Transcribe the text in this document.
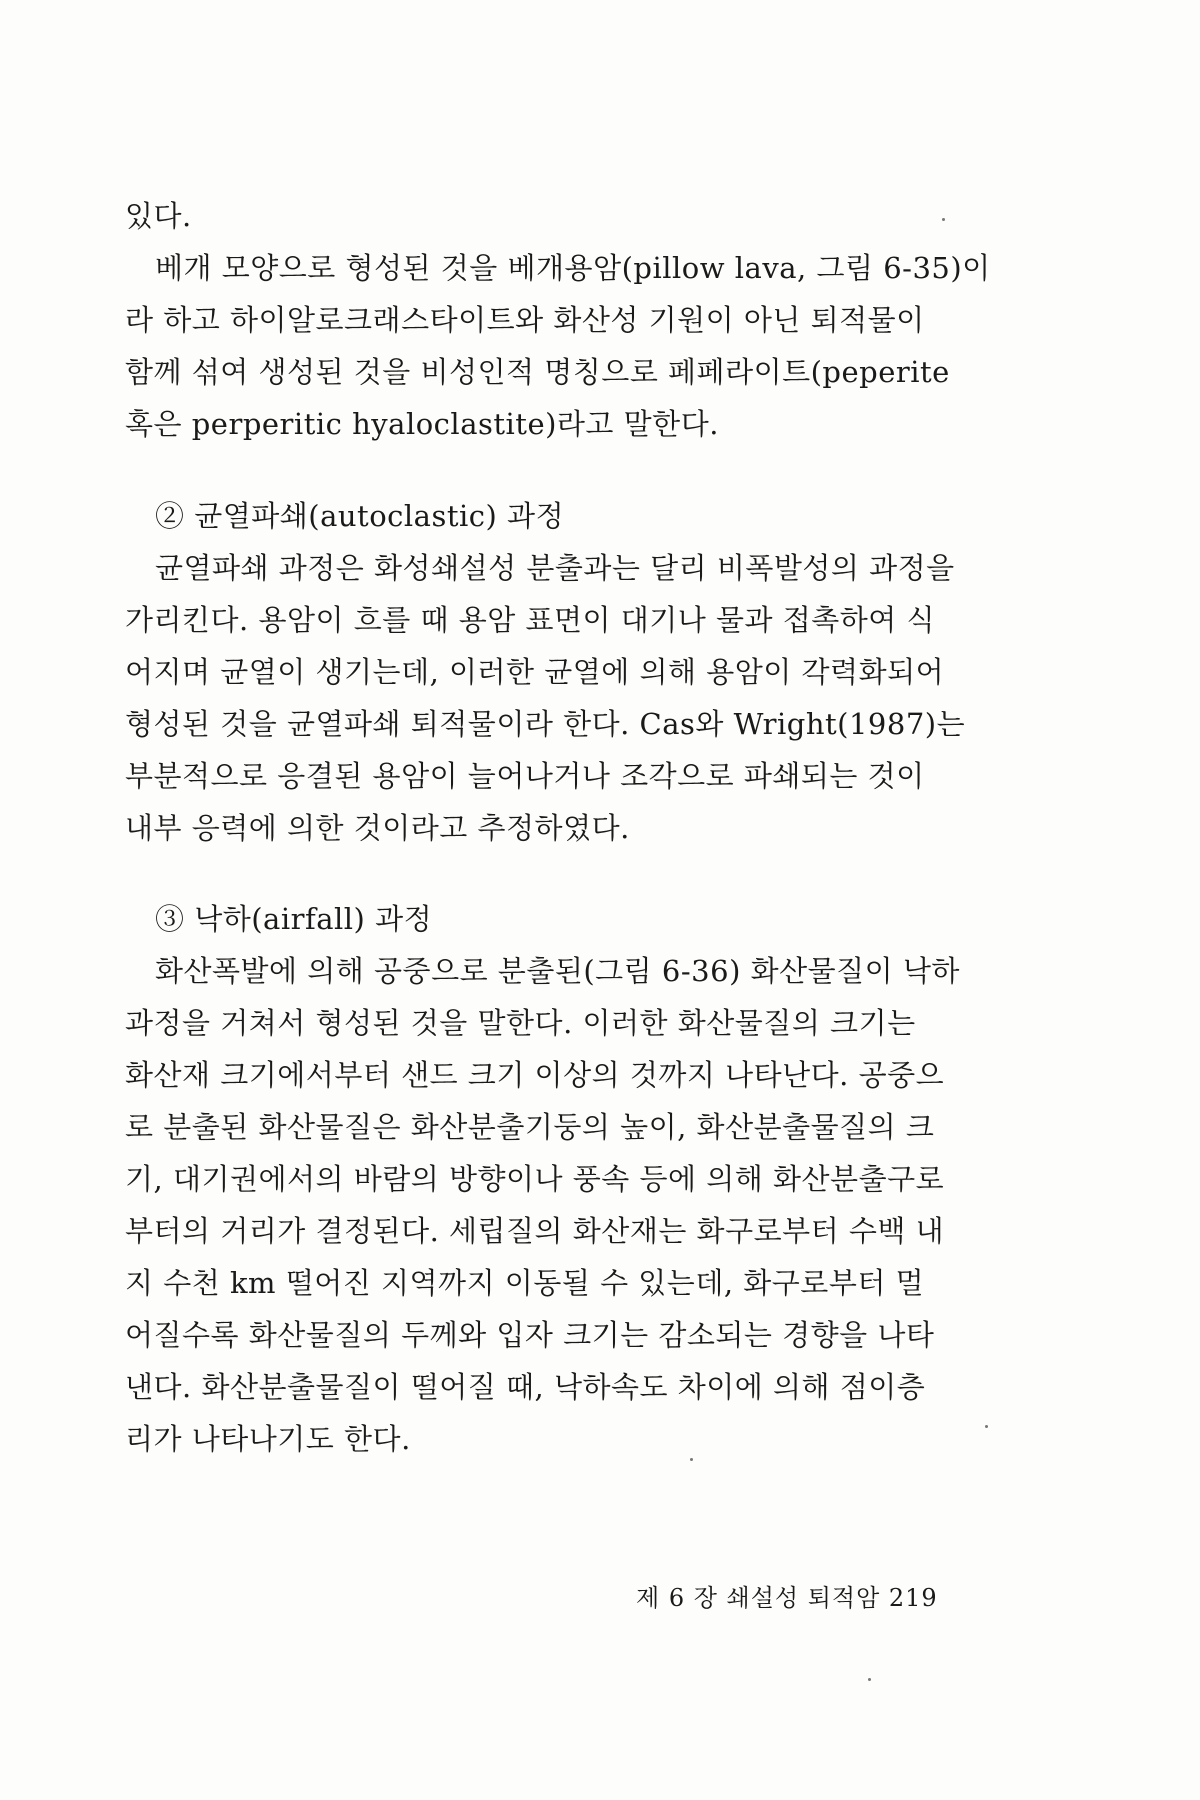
있다.
베개 모양으로 형성된 것을 베개용암(pillow lava, 그림 6-35)이
라 하고 하이알로크래스타이트와 화산성 기원이 아닌 퇴적물이
함께 섞여 생성된 것을 비성인적 명칭으로 페페라이트(peperite
혹은 perperitic hyaloclastite)라고 말한다.
② 균열파쇄(autoclastic) 과정
균열파쇄 과정은 화성쇄설성 분출과는 달리 비폭발성의 과정을
가리킨다. 용암이 흐를 때 용암 표면이 대기나 물과 접촉하여 식
어지며 균열이 생기는데, 이러한 균열에 의해 용암이 각력화되어
형성된 것을 균열파쇄 퇴적물이라 한다. Cas와 Wright(1987)는
부분적으로 응결된 용암이 늘어나거나 조각으로 파쇄되는 것이
내부 응력에 의한 것이라고 추정하였다.
③ 낙하(airfall) 과정
화산폭발에 의해 공중으로 분출된(그림 6-36) 화산물질이 낙하
과정을 거쳐서 형성된 것을 말한다. 이러한 화산물질의 크기는
화산재 크기에서부터 샌드 크기 이상의 것까지 나타난다. 공중으
로 분출된 화산물질은 화산분출기둥의 높이, 화산분출물질의 크
기, 대기권에서의 바람의 방향이나 풍속 등에 의해 화산분출구로
부터의 거리가 결정된다. 세립질의 화산재는 화구로부터 수백 내
지 수천 km 떨어진 지역까지 이동될 수 있는데, 화구로부터 멀
어질수록 화산물질의 두께와 입자 크기는 감소되는 경향을 나타
낸다. 화산분출물질이 떨어질 때, 낙하속도 차이에 의해 점이층
리가 나타나기도 한다.
제 6 장 쇄설성 퇴적암 219
